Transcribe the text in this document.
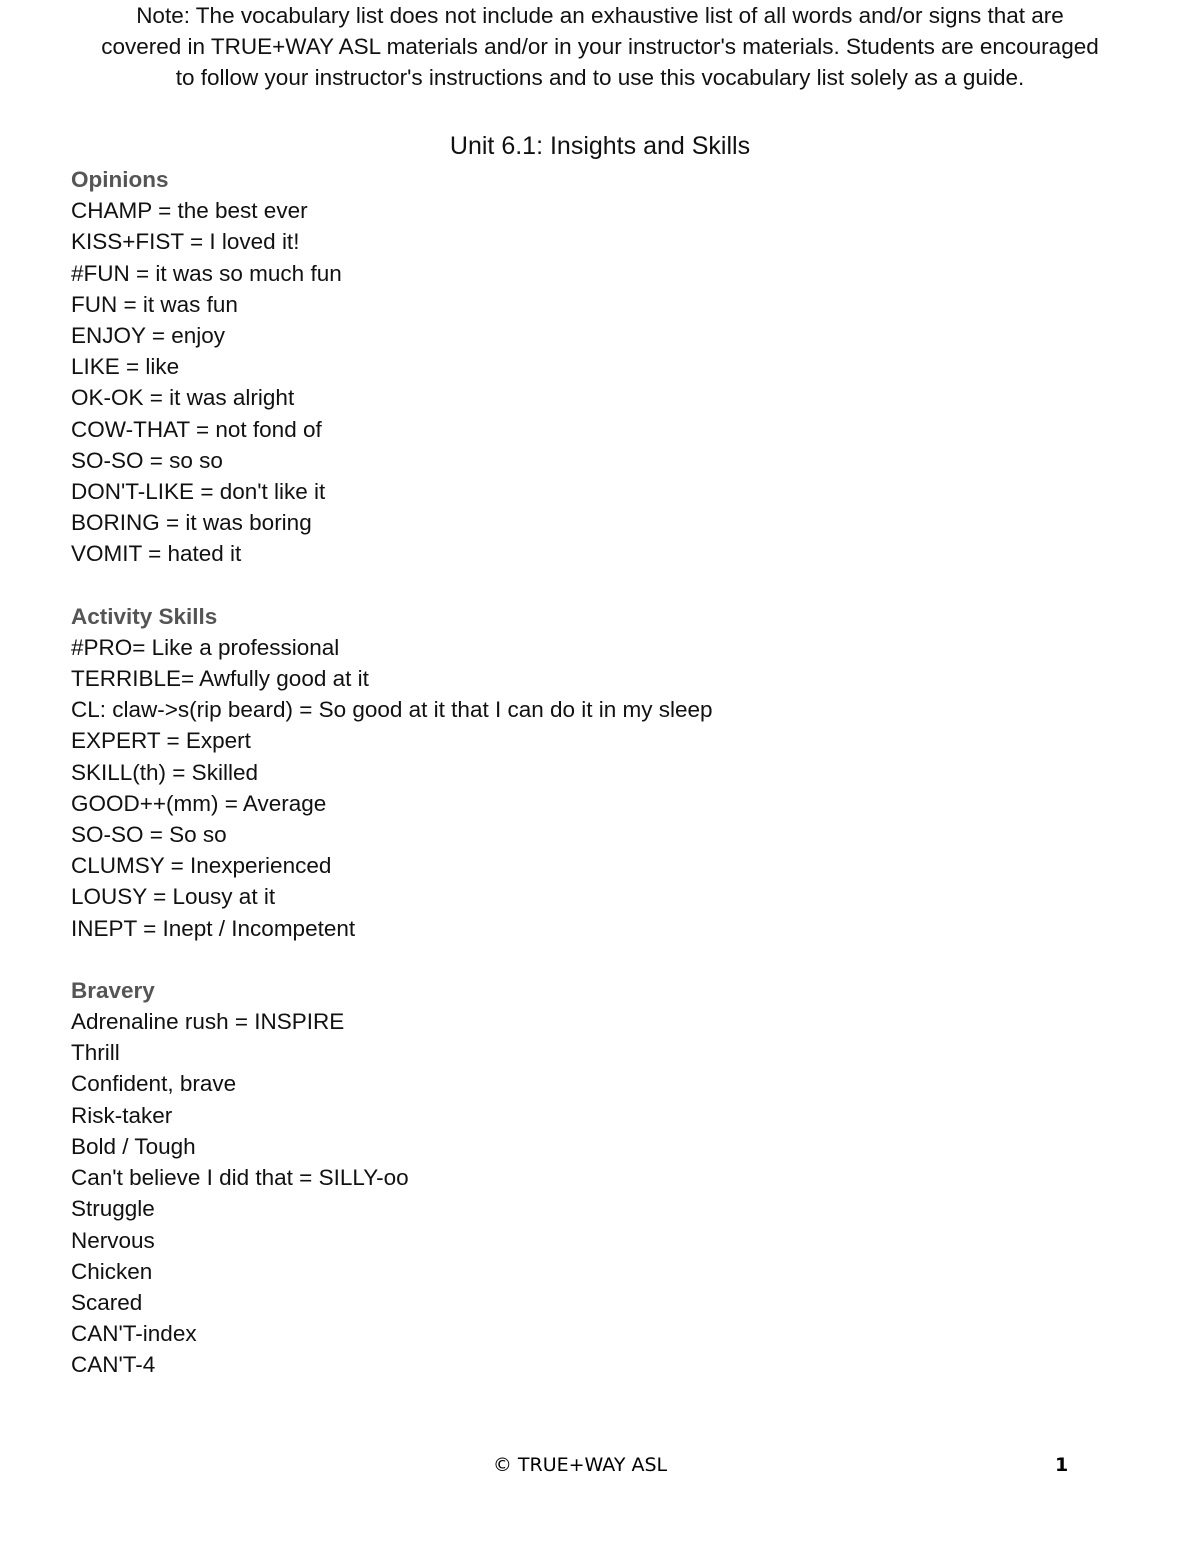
Note: The vocabulary list does not include an exhaustive list of all words and/or signs that are
covered in TRUE+WAY ASL materials and/or in your instructor's materials. Students are encouraged
to follow your instructor's instructions and to use this vocabulary list solely as a guide.
Unit 6.1: Insights and Skills
Opinions
CHAMP = the best ever
KISS+FIST = I loved it!
#FUN = it was so much fun
FUN = it was fun
ENJOY = enjoy
LIKE = like
OK-OK = it was alright
COW-THAT = not fond of
SO-SO = so so
DON'T-LIKE = don't like it
BORING = it was boring
VOMIT = hated it
Activity Skills
#PRO= Like a professional
TERRIBLE= Awfully good at it
CL: claw->s(rip beard) = So good at it that I can do it in my sleep
EXPERT = Expert
SKILL(th) = Skilled
GOOD++(mm) = Average
SO-SO = So so
CLUMSY = Inexperienced
LOUSY = Lousy at it
INEPT = Inept / Incompetent
Bravery
Adrenaline rush = INSPIRE
Thrill
Confident, brave
Risk-taker
Bold / Tough
Can't believe I did that = SILLY-oo
Struggle
Nervous
Chicken
Scared
CAN'T-index
CAN'T-4
© TRUE+WAY ASL	1
